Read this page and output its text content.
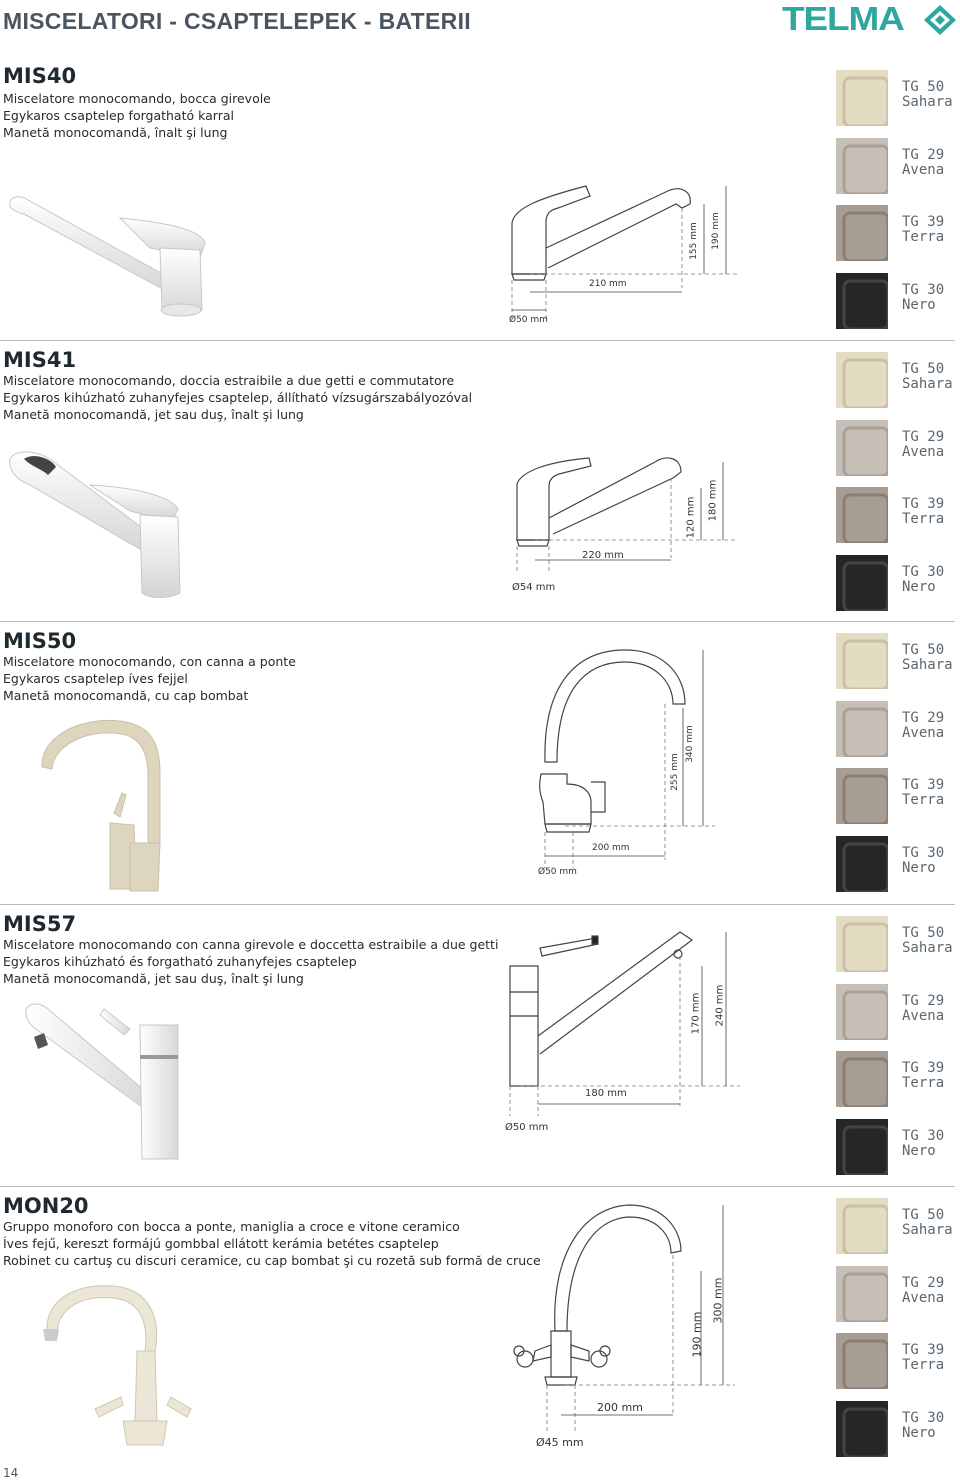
MISCELATORI - CSAPTELEPEK - BATERII	TELMA
MIS40
Miscelatore monocomando, bocca girevole
Egykaros csaptelep forgatható karral
Manetă monocomandă, înalt şi lung
210 mm
Ø50 mm
155 mm 190 mm
TG 50
Sahara
TG 29
Avena
TG 39
Terra
TG 30
Nero
MIS41
Miscelatore monocomando, doccia estraibile a due getti e commutatore
Egykaros kihúzható zuhanyfejes csaptelep, állítható vízsugárszabályozóval
Manetă monocomandă, jet sau duş, înalt şi lung
220 mm
Ø54 mm
120 mm 180 mm
TG 50
Sahara
TG 29
Avena
TG 39
Terra
TG 30
Nero
MIS50
Miscelatore monocomando, con canna a ponte
Egykaros csaptelep íves fejjel
Manetă monocomandă, cu cap bombat
200 mm
Ø50 mm
255 mm
340 mm
TG 50
Sahara
TG 29
Avena
TG 39
Terra
TG 30
Nero
MIS57
Miscelatore monocomando con canna girevole e doccetta estraibile a due getti
Egykaros kihúzható és forgatható zuhanyfejes csaptelep
Manetă monocomandă, jet sau duş, înalt şi lung
180 mm
Ø50 mm
170 mm 240 mm
TG 50
Sahara
TG 29
Avena
TG 39
Terra
TG 30
Nero
MON20
Gruppo monoforo con bocca a ponte, maniglia a croce e vitone ceramico
Íves fejű, kereszt formájú gombbal ellátott kerámia betétes csaptelep
Robinet cu cartuş cu discuri ceramice, cu cap bombat şi cu rozetă sub formă de cruce
200 mm
Ø45 mm
190 mm
300 mm
TG 50
Sahara
TG 29
Avena
TG 39
Terra
TG 30
Nero
14
